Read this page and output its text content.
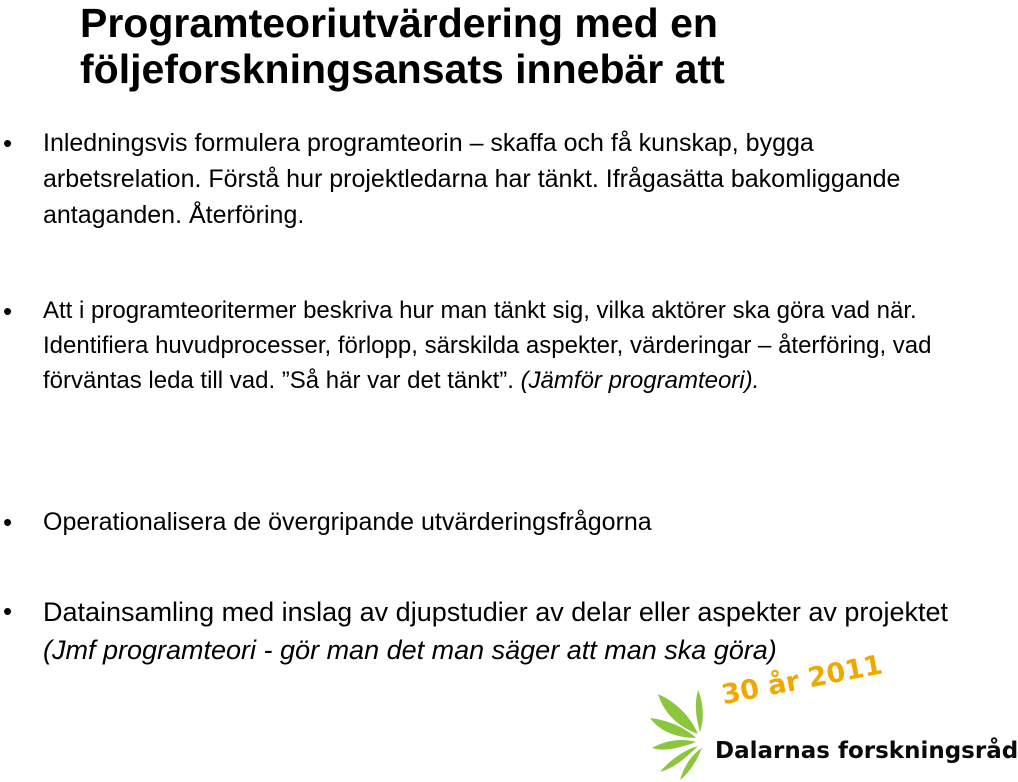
Programteoriutvärdering med en
följeforskningsansats innebär att
• Inledningsvis formulera programteorin – skaffa och få kunskap, bygga arbetsrelation. Förstå hur projektledarna har tänkt. Ifrågasätta bakomliggande antaganden. Återföring.

• Att i programteoritermer beskriva hur man tänkt sig, vilka aktörer ska göra vad när. Identifiera huvudprocesser, förlopp, särskilda aspekter, värderingar – återföring, vad förväntas leda till vad. ”Så här var det tänkt”. (Jämför programteori).

• Operationalisera de övergripande utvärderingsfrågorna

• Datainsamling med inslag av djupstudier av delar eller aspekter av projektet (Jmf programteori - gör man det man säger att man ska göra)

30 år 2011
Dalarnas forskningsråd
